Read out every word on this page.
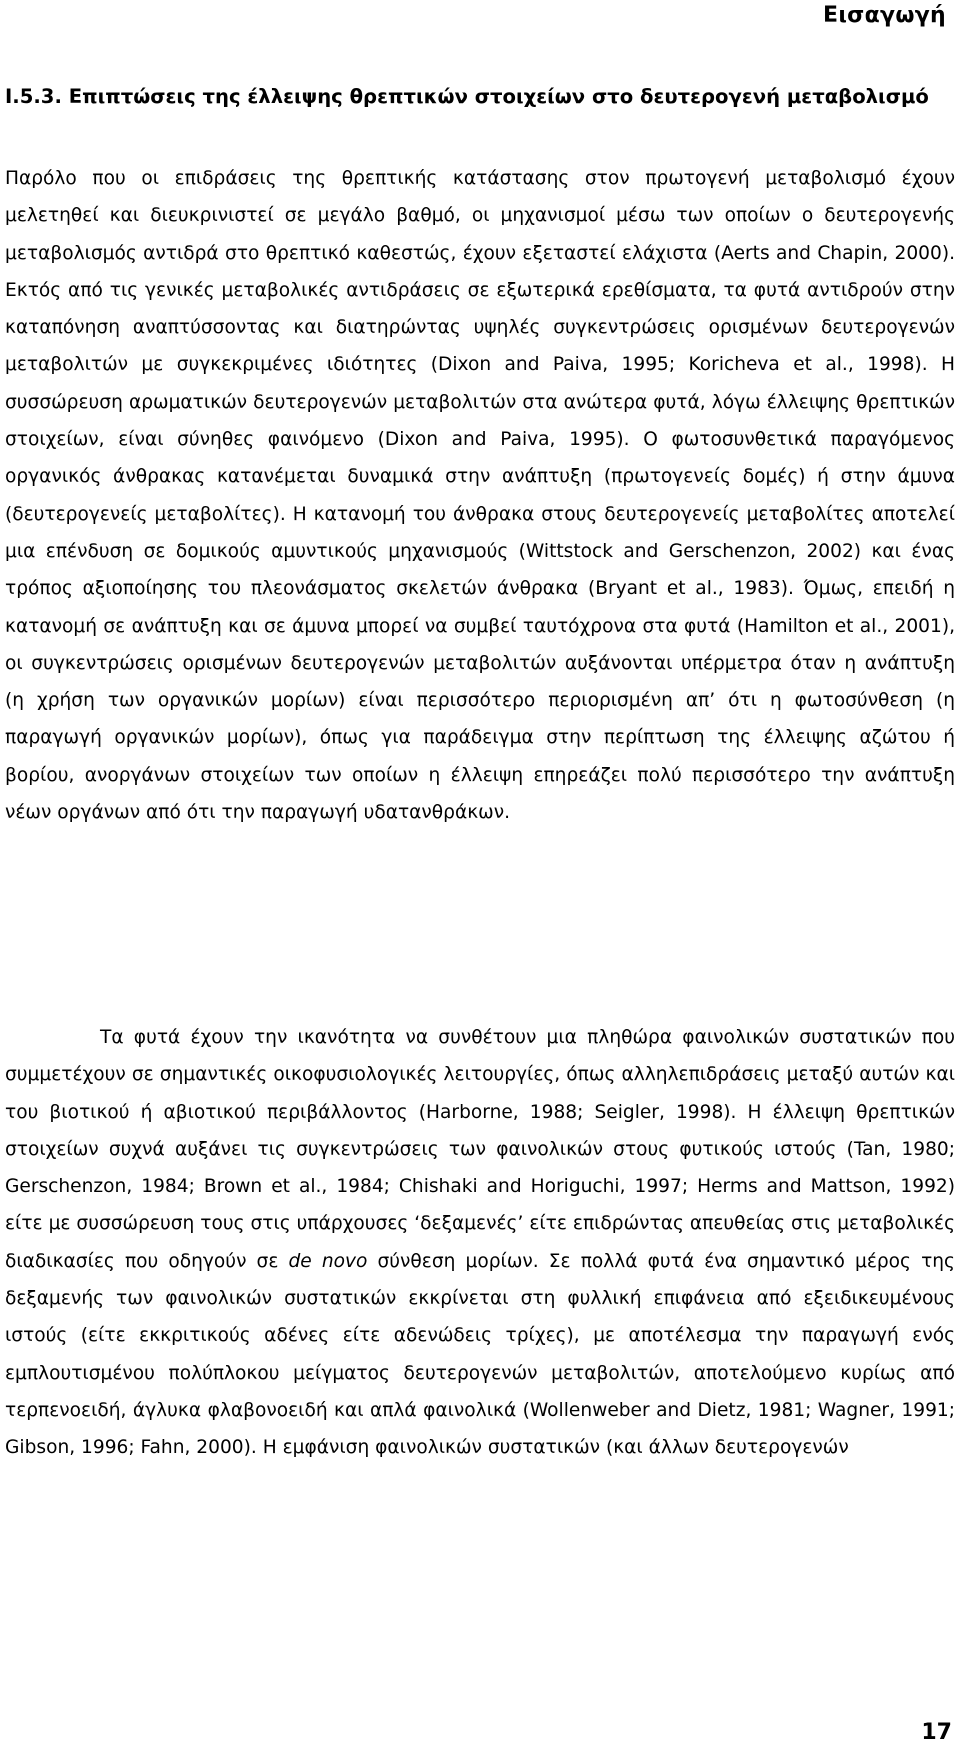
Εισαγωγή
I.5.3. Επιπτώσεις της έλλειψης θρεπτικών στοιχείων στο δευτερογενή μεταβολισμό

Παρόλο που οι επιδράσεις της θρεπτικής κατάστασης στον πρωτογενή μεταβολισμό έχουν μελετηθεί και διευκρινιστεί σε μεγάλο βαθμό, οι μηχανισμοί μέσω των οποίων ο δευτερογενής μεταβολισμός αντιδρά στο θρεπτικό καθεστώς, έχουν εξεταστεί ελάχιστα (Aerts and Chapin, 2000). Εκτός από τις γενικές μεταβολικές αντιδράσεις σε εξωτερικά ερεθίσματα, τα φυτά αντιδρούν στην καταπόνηση αναπτύσσοντας και διατηρώντας υψηλές συγκεντρώσεις ορισμένων δευτερογενών μεταβολιτών με συγκεκριμένες ιδιότητες (Dixon and Paiva, 1995; Koricheva et al., 1998). Η συσσώρευση αρωματικών δευτερογενών μεταβολιτών στα ανώτερα φυτά, λόγω έλλειψης θρεπτικών στοιχείων, είναι σύνηθες φαινόμενο (Dixon and Paiva, 1995). Ο φωτοσυνθετικά παραγόμενος οργανικός άνθρακας κατανέμεται δυναμικά στην ανάπτυξη (πρωτογενείς δομές) ή στην άμυνα (δευτερογενείς μεταβολίτες). Η κατανομή του άνθρακα στους δευτερογενείς μεταβολίτες αποτελεί μια επένδυση σε δομικούς αμυντικούς μηχανισμούς (Wittstock and Gerschenzon, 2002) και ένας τρόπος αξιοποίησης του πλεονάσματος σκελετών άνθρακα (Bryant et al., 1983). Όμως, επειδή η κατανομή σε ανάπτυξη και σε άμυνα μπορεί να συμβεί ταυτόχρονα στα φυτά (Hamilton et al., 2001), οι συγκεντρώσεις ορισμένων δευτερογενών μεταβολιτών αυξάνονται υπέρμετρα όταν η ανάπτυξη (η χρήση των οργανικών μορίων) είναι περισσότερο περιορισμένη απ’ ότι η φωτοσύνθεση (η παραγωγή οργανικών μορίων), όπως για παράδειγμα στην περίπτωση της έλλειψης αζώτου ή βορίου, ανοργάνων στοιχείων των οποίων η έλλειψη επηρεάζει πολύ περισσότερο την ανάπτυξη νέων οργάνων από ότι την παραγωγή υδατανθράκων.

Τα φυτά έχουν την ικανότητα να συνθέτουν μια πληθώρα φαινολικών συστατικών που συμμετέχουν σε σημαντικές οικοφυσιολογικές λειτουργίες, όπως αλληλεπιδράσεις μεταξύ αυτών και του βιοτικού ή αβιοτικού περιβάλλοντος (Harborne, 1988; Seigler, 1998). Η έλλειψη θρεπτικών στοιχείων συχνά αυξάνει τις συγκεντρώσεις των φαινολικών στους φυτικούς ιστούς (Tan, 1980; Gerschenzon, 1984; Brown et al., 1984; Chishaki and Horiguchi, 1997; Herms and Mattson, 1992) είτε με συσσώρευση τους στις υπάρχουσες ‘δεξαμενές’ είτε επιδρώντας απευθείας στις μεταβολικές διαδικασίες που οδηγούν σε de novo σύνθεση μορίων. Σε πολλά φυτά ένα σημαντικό μέρος της δεξαμενής των φαινολικών συστατικών εκκρίνεται στη φυλλική επιφάνεια από εξειδικευμένους ιστούς (είτε εκκριτικούς αδένες είτε αδενώδεις τρίχες), με αποτέλεσμα την παραγωγή ενός εμπλουτισμένου πολύπλοκου μείγματος δευτερογενών μεταβολιτών, αποτελούμενο κυρίως από τερπενοειδή, άγλυκα φλαβονοειδή και απλά φαινολικά (Wollenweber and Dietz, 1981; Wagner, 1991; Gibson, 1996; Fahn, 2000). Η εμφάνιση φαινολικών συστατικών (και άλλων δευτερογενών

17
